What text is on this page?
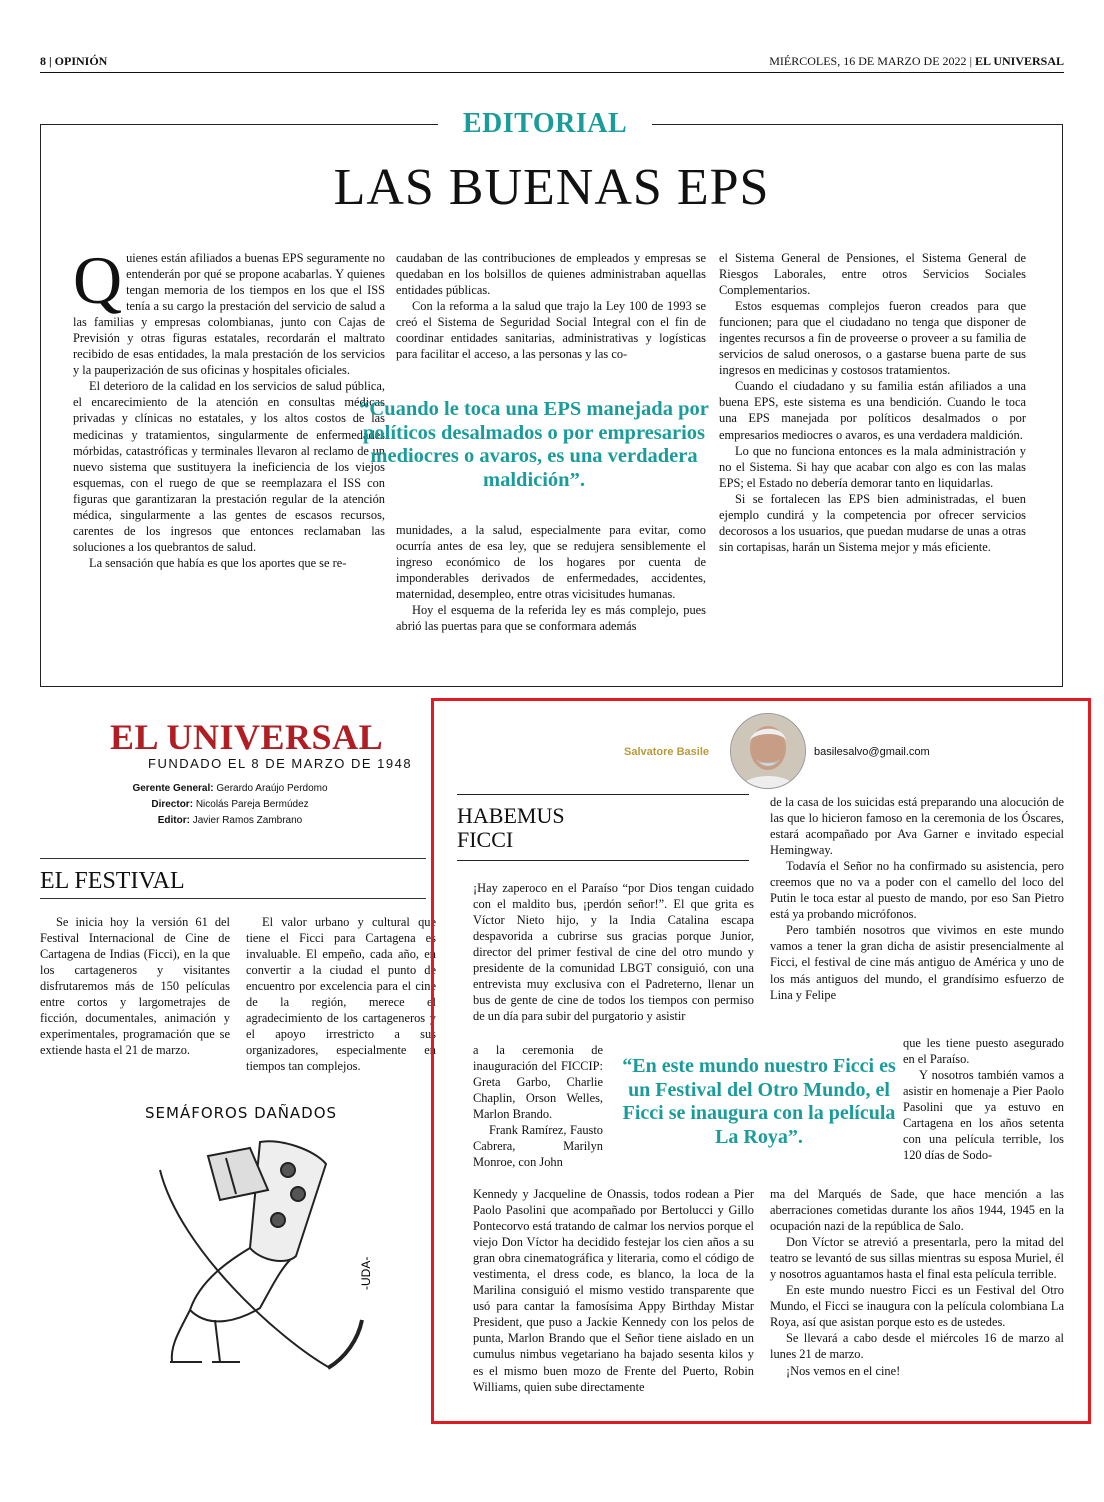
8 | OPINIÓN	MIÉRCOLES, 16 DE MARZO DE 2022 | EL UNIVERSAL
EDITORIAL
LAS BUENAS EPS

Quienes están afiliados a buenas EPS seguramente no entenderán por qué se propone acabarlas. Y quienes tengan memoria de los tiempos en los que el ISS tenía a su cargo la prestación del servicio de salud a las familias y empresas colombianas, junto con Cajas de Previsión y otras figuras estatales, recordarán el maltrato recibido de esas entidades, la mala prestación de los servicios y la pauperización de sus oficinas y hospitales oficiales.

El deterioro de la calidad en los servicios de salud pública, el encarecimiento de la atención en consultas médicas privadas y clínicas no estatales, y los altos costos de las medicinas y tratamientos, singularmente de enfermedades mórbidas, catastróficas y terminales llevaron al reclamo de un nuevo sistema que sustituyera la ineficiencia de los viejos esquemas, con el ruego de que se reemplazara el ISS con figuras que garantizaran la prestación regular de la atención médica, singularmente a las gentes de escasos recursos, carentes de los ingresos que entonces reclamaban las soluciones a los quebrantos de salud.

La sensación que había es que los aportes que se re-

caudaban de las contribuciones de empleados y empresas se quedaban en los bolsillos de quienes administraban aquellas entidades públicas.

Con la reforma a la salud que trajo la Ley 100 de 1993 se creó el Sistema de Seguridad Social Integral con el fin de coordinar entidades sanitarias, administrativas y logísticas para facilitar el acceso, a las personas y las co-

“Cuando le toca una EPS manejada por políticos desalmados o por empresarios mediocres o avaros, es una verdadera maldición”.

munidades, a la salud, especialmente para evitar, como ocurría antes de esa ley, que se redujera sensiblemente el ingreso económico de los hogares por cuenta de imponderables derivados de enfermedades, accidentes, maternidad, desempleo, entre otras vicisitudes humanas.

Hoy el esquema de la referida ley es más complejo, pues abrió las puertas para que se conformara además

el Sistema General de Pensiones, el Sistema General de Riesgos Laborales, entre otros Servicios Sociales Complementarios.

Estos esquemas complejos fueron creados para que funcionen; para que el ciudadano no tenga que disponer de ingentes recursos a fin de proveerse o proveer a su familia de servicios de salud onerosos, o a gastarse buena parte de sus ingresos en medicinas y costosos tratamientos.

Cuando el ciudadano y su familia están afiliados a una buena EPS, este sistema es una bendición. Cuando le toca una EPS manejada por políticos desalmados o por empresarios mediocres o avaros, es una verdadera maldición.

Lo que no funciona entonces es la mala administración y no el Sistema. Si hay que acabar con algo es con las malas EPS; el Estado no debería demorar tanto en liquidarlas.

Si se fortalecen las EPS bien administradas, el buen ejemplo cundirá y la competencia por ofrecer servicios decorosos a los usuarios, que puedan mudarse de unas a otras sin cortapisas, harán un Sistema mejor y más eficiente.

EL UNIVERSAL
FUNDADO EL 8 DE MARZO DE 1948
Gerente General: Gerardo Araújo Perdomo
Director: Nicolás Pareja Bermúdez
Editor: Javier Ramos Zambrano
EL FESTIVAL

Se inicia hoy la versión 61 del Festival Internacional de Cine de Cartagena de Indias (Ficci), en la que los cartageneros y visitantes disfrutaremos más de 150 películas entre cortos y largometrajes de ficción, documentales, animación y experimentales, programación que se extiende hasta el 21 de marzo.

El valor urbano y cultural que tiene el Ficci para Cartagena es invaluable. El empeño, cada año, en convertir a la ciudad el punto de encuentro por excelencia para el cine de la región, merece el agradecimiento de los cartageneros y el apoyo irrestricto a sus organizadores, especialmente en tiempos tan complejos.

SEMÁFOROS DAÑADOS
-UDA-
Salvatore Basile	basilesalvo@gmail.com
HABEMUS
FICCI

¡Hay zaperoco en el Paraíso “por Dios tengan cuidado con el maldito bus, ¡perdón señor!”. El que grita es Víctor Nieto hijo, y la India Catalina escapa despavorida a cubrirse sus gracias porque Junior, director del primer festival de cine del otro mundo y presidente de la comunidad LBGT consiguió, con una entrevista muy exclusiva con el Padreterno, llenar un bus de gente de cine de todos los tiempos con permiso de un día para subir del purgatorio y asistir

a la ceremonia de inauguración del FICCIP: Greta Garbo, Charlie Chaplin, Orson Welles, Marlon Brando.

Frank Ramírez, Fausto Cabrera, Marilyn Monroe, con John

Kennedy y Jacqueline de Onassis, todos rodean a Pier Paolo Pasolini que acompañado por Bertolucci y Gillo Pontecorvo está tratando de calmar los nervios porque el viejo Don Víctor ha decidido festejar los cien años a su gran obra cinematográfica y literaria, como el código de vestimenta, el dress code, es blanco, la loca de la Marilina consiguió el mismo vestido transparente que usó para cantar la famosísima Appy Birthday Mistar President, que puso a Jackie Kennedy con los pelos de punta, Marlon Brando que el Señor tiene aislado en un cumulus nimbus vegetariano ha bajado sesenta kilos y es el mismo buen mozo de Frente del Puerto, Robin Williams, quien sube directamente

de la casa de los suicidas está preparando una alocución de las que lo hicieron famoso en la ceremonia de los Óscares, estará acompañado por Ava Garner e invitado especial Hemingway.

Todavía el Señor no ha confirmado su asistencia, pero creemos que no va a poder con el camello del loco del Putin le toca estar al puesto de mando, por eso San Pietro está ya probando micrófonos.

Pero también nosotros que vivimos en este mundo vamos a tener la gran dicha de asistir presencialmente al Ficci, el festival de cine más antiguo de América y uno de los más antiguos del mundo, el grandísimo esfuerzo de Lina y Felipe

que les tiene puesto asegurado en el Paraíso.

Y nosotros también vamos a asistir en homenaje a Pier Paolo Pasolini que ya estuvo en Cartagena en los años setenta con una película terrible, los 120 días de Sodo-

ma del Marqués de Sade, que hace mención a las aberraciones cometidas durante los años 1944, 1945 en la ocupación nazi de la república de Salo.

Don Víctor se atrevió a presentarla, pero la mitad del teatro se levantó de sus sillas mientras su esposa Muriel, él y nosotros aguantamos hasta el final esta película terrible.

En este mundo nuestro Ficci es un Festival del Otro Mundo, el Ficci se inaugura con la película colombiana La Roya, así que asistan porque esto es de ustedes.

Se llevará a cabo desde el miércoles 16 de marzo al lunes 21 de marzo.

¡Nos vemos en el cine!

“En este mundo nuestro Ficci es un Festival del Otro Mundo, el Ficci se inaugura con la película La Roya”.
